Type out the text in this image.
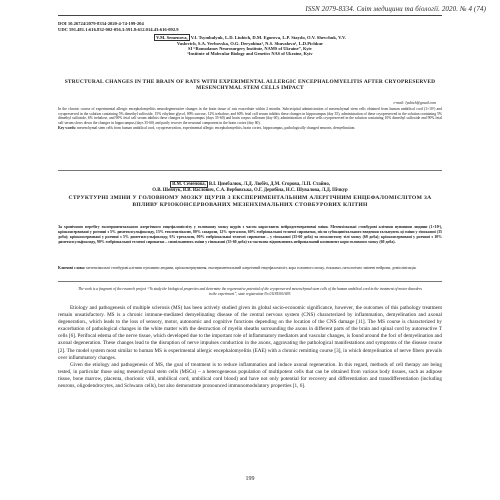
ISSN 2079-8334. Світ медицини та біології. 2020. № 4 (74)
DOI 10.26724/2079-8334-2020-4-74-199-204
UDC 591.481.1:616.832-002-056.3:591.8:612.014.43:616-092.9
V.M. Semenova, V.I. Tsymbalyuk, L.D. Liubich, D.M. Egorova, L.P. Staydo, O.V. Shevchuk, V.V.
Vaslovich, S.A. Verbovska, O.G. Deryabina¹, N.S. Shuvalova¹, L.D.Pichkur
SI “Romodanov Neurosurgery Institute, NAMS of Ukraine”, Kyiv
¹Institute of Molecular Biology and Genetics NAS of Ukraine, Kyiv
STRUCTURAL CHANGES IN THE BRAIN OF RATS WITH EXPERIMENTAL ALLERGIC ENCEPHALOMYELITIS AFTER CRYOPRESERVED MESENCHYMAL STEM CELLS IMPACT
e-mail: lyubich@gmail.com
In the chronic course of experimental allergic encephalomyelitis neurodegenerative changes in the brain tissue of rats exacerbate within 2 months. Subcecipital administration of mesenchymal stem cells obtained from human umbilical cord (1×10⁶) and cryopreserved in the solution containing 5% dimethyl sulfoxide, 15% ethylene glycol, 80% sucrose, 12% trehalose, and 60% fetal calf serum inhibits these changes in hippocampus (day 35), administration of these cryopreserved in the solution containing 5% dimethyl sulfoxide, 6% trehalose, and 90% fetal calf serum inhibits these changes in hippocampus (days 35-60) and brain corpus callosum (day 60), administration of these cells cryopreserved in the solution containing 10% dimethyl sulfoxide and 90% fetal calf serum slows down the changes in hippocampus (days 35-60) and partly recover the neuronal component in the brain cortex (day 60).
Key words: mesenchymal stem cells from human umbilical cord, cryopreservation, experimental allergic encephalomyelitis, brain cortex, hippocampus, pathologically changed neurons, demyelination.
В.М. Семенова, В.І. Цимбалюк, Л.Д. Любіч, Д.М. Єгорова, Л.П. Стайно,
О.В. Шевчук, В.В. Васлович, С.А. Вербовська, О.Г. Дерябіна, Н.С. Шувалова, Л.Д. Пічкур
СТРУКТУРНІ ЗМІНИ У ГОЛОВНОМУ МОЗКУ ЩУРІВ З ЕКСПЕРИМЕНТАЛЬНИМ АЛЕРГІЧНИМ ЕНЦЕФАЛОМІЄЛІТОМ ЗА ВПЛИВУ КРІОКОНСЕРВОВАНИХ МЕЗЕНХІМАЛЬНИХ СТОВБУРОВИХ КЛІТИН
За хронічного перебігу експериментального алергічного енцефаломієліту у головному мозку щурів з часом наростають нейродегенеративні зміни. Мезенхімальні стовбурові клітини пуповини людини (1×10⁶), кріоконсервовані у розчині з 5% диметилсульфоксиду, 15% етиленгліколю, 80% сахарози, 12% трегалози, 60% ембріональної телячої сироватки, після субокципітального введення гальмують ці зміни у гіпокампі (35 доба); кріоконсервовані у розчині з 5% диметилсульфоксиду, 6% трегалози, 90% ембріональної телячої сироватки – у гіпокампі (35-60 доба) та мозолистому тілі мозку (60 доба); кріоконсервовані у розчині з 10% диметилсульфоксиду, 90% ембріональної телячої сироватки – сповільнюють зміни у гіпокампі (35-60 доба) та частково відновлюють нейрональний компонент кори головного мозку (60 доба).
Ключові слова: мезенхімальні стовбурові клітини пуповини людини, кріоконсервування, експериментальний алергічний енцефаломієліт, кора головного мозку, гіпокамп, патологічно змінені нейрони, демієлінізація.
The work is a fragment of the research project “To study the biological properties and determine the regenerative potential of the cryopreserved mesenchymal stem cells of the human umbilical cord in the treatment of motor disorders in the experiment”, state registration No 0118U001693.

Etiology and pathogenesis of multiple sclerosis (MS) has been actively studied given its global socio-economic significance, however, the outcomes of this pathology treatment remain unsatisfactory. MS is a chronic immune-mediated demyelinating disease of the central nervous system (CNS) characterized by inflammation, demyelination and axonal degeneration., which leads to the loss of sensory, motor, autonomic and cognitive functions depending on the location of the CNS damage [11]. The MS course is characterized by exacerbation of pathological changes in the white matter with the destruction of myelin sheaths surrounding the axons in different parts of the brain and spinal cord by autoreactive T cells [6]. Perifocal edema of the nerve tissue, which developed due to the important role of inflammatory mediators and vascular changes, is found around the foci of demyelination and axonal degeneration. These changes lead to the disruption of nerve impulses conduction in the axons, aggravating the pathological manifestations and symptoms of the disease course [2]. The model system most similar to human MS is experimental allergic encephalomyelitis (EAE) with a chronic remitting course [3], in which demyelination of nerve fibers prevails over inflammatory changes.

Given the etiology and pathogenesis of MS, the goal of treatment is to reduce inflammation and induce axonal regeneration. In this regard, methods of cell therapy are being tested, in particular those using mesenchymal stem cells (MSCs) – a heterogeneous population of multipotent cells that can be obtained from various body tissues, such as adipose tissue, bone marrow, placenta, chorionic villi, umbilical cord, umbilical cord blood) and have not only potential for recovery and differentiation and transdifferentiation (including neurons, oligodendrocytes, and Schwann cells), but also demonstrate pronounced immunomodulatory properties [1, 6].

199
